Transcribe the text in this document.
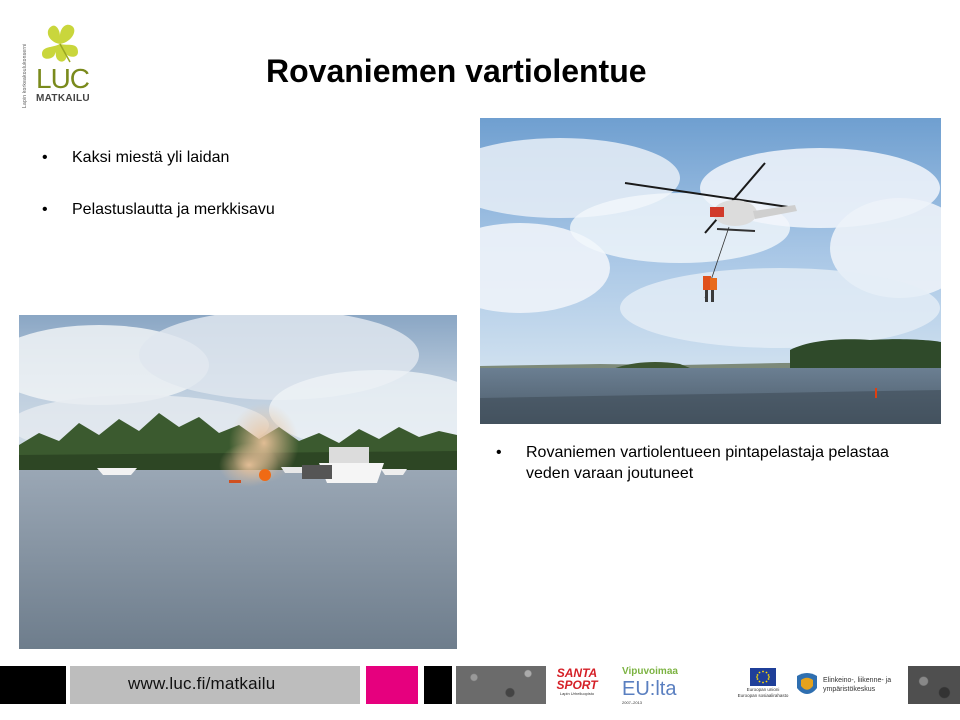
Lapin korkeakoulukonserni LUC
MATKAILU
Rovaniemen vartiolentue
• Kaksi miestä yli laidan
• Pelastuslautta ja merkkisavu
•	Rovaniemen vartiolentueen pintapelastaja pelastaa veden varaan joutuneet
www.luc.fi/matkailu
SANTA
SPORT
Lapin Urheiluopisto
Vipuvoimaa
EU:lta
2007–2013
Euroopan unioni
Euroopan sosiaalirahasto
Elinkeino-, liikenne- ja
ympäristökeskus
